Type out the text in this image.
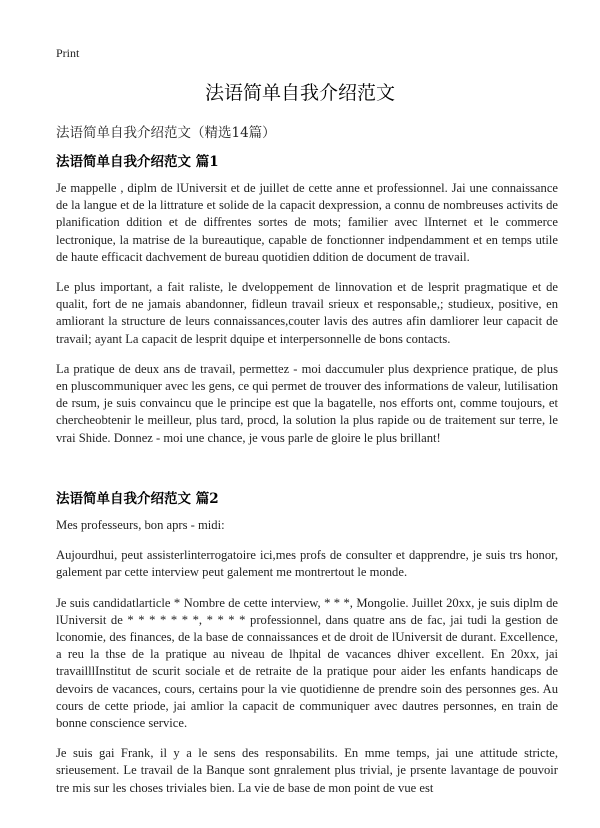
Print
法语简单自我介绍范文
法语简单自我介绍范文（精选14篇）
法语简单自我介绍范文 篇1

Je mappelle , diplm de lUniversit et de juillet de cette anne et professionnel. Jai une connaissance de la langue et de la littrature et solide de la capacit dexpression, a connu de nombreuses activits de planification ddition et de diffrentes sortes de mots; familier avec lInternet et le commerce lectronique, la matrise de la bureautique, capable de fonctionner indpendamment et en temps utile de haute efficacit dachvement de bureau quotidien ddition de document de travail.

Le plus important, a fait raliste, le dveloppement de linnovation et de lesprit pragmatique et de qualit, fort de ne jamais abandonner, fidleun travail srieux et responsable,; studieux, positive, en amliorant la structure de leurs connaissances,couter lavis des autres afin damliorer leur capacit de travail; ayant La capacit de lesprit dquipe et interpersonnelle de bons contacts.

La pratique de deux ans de travail, permettez - moi daccumuler plus dexprience pratique, de plus en pluscommuniquer avec les gens, ce qui permet de trouver des informations de valeur, lutilisation de rsum, je suis convaincu que le principe est que la bagatelle, nos efforts ont, comme toujours, et chercheobtenir le meilleur, plus tard, procd, la solution la plus rapide ou de traitement sur terre, le vrai Shide. Donnez - moi une chance, je vous parle de gloire le plus brillant!

法语简单自我介绍范文 篇2

Mes professeurs, bon aprs - midi:

Aujourdhui, peut assisterlinterrogatoire ici,mes profs de consulter et dapprendre, je suis trs honor, galement par cette interview peut galement me montrertout le monde.

Je suis candidatlarticle * Nombre de cette interview, * * *, Mongolie. Juillet 20xx, je suis diplm de lUniversit de * * * * * * *, * * * * professionnel, dans quatre ans de fac, jai tudi la gestion de lconomie, des finances, de la base de connaissances et de droit de lUniversit de durant. Excellence, a reu la thse de la pratique au niveau de lhpital de vacances dhiver excellent. En 20xx, jai travailllInstitut de scurit sociale et de retraite de la pratique pour aider les enfants handicaps de devoirs de vacances, cours, certains pour la vie quotidienne de prendre soin des personnes ges. Au cours de cette priode, jai amlior la capacit de communiquer avec dautres personnes, en train de bonne conscience service.

Je suis gai Frank, il y a le sens des responsabilits. En mme temps, jai une attitude stricte, srieusement. Le travail de la Banque sont gnralement plus trivial, je prsente lavantage de pouvoir tre mis sur les choses triviales bien. La vie de base de mon point de vue est
